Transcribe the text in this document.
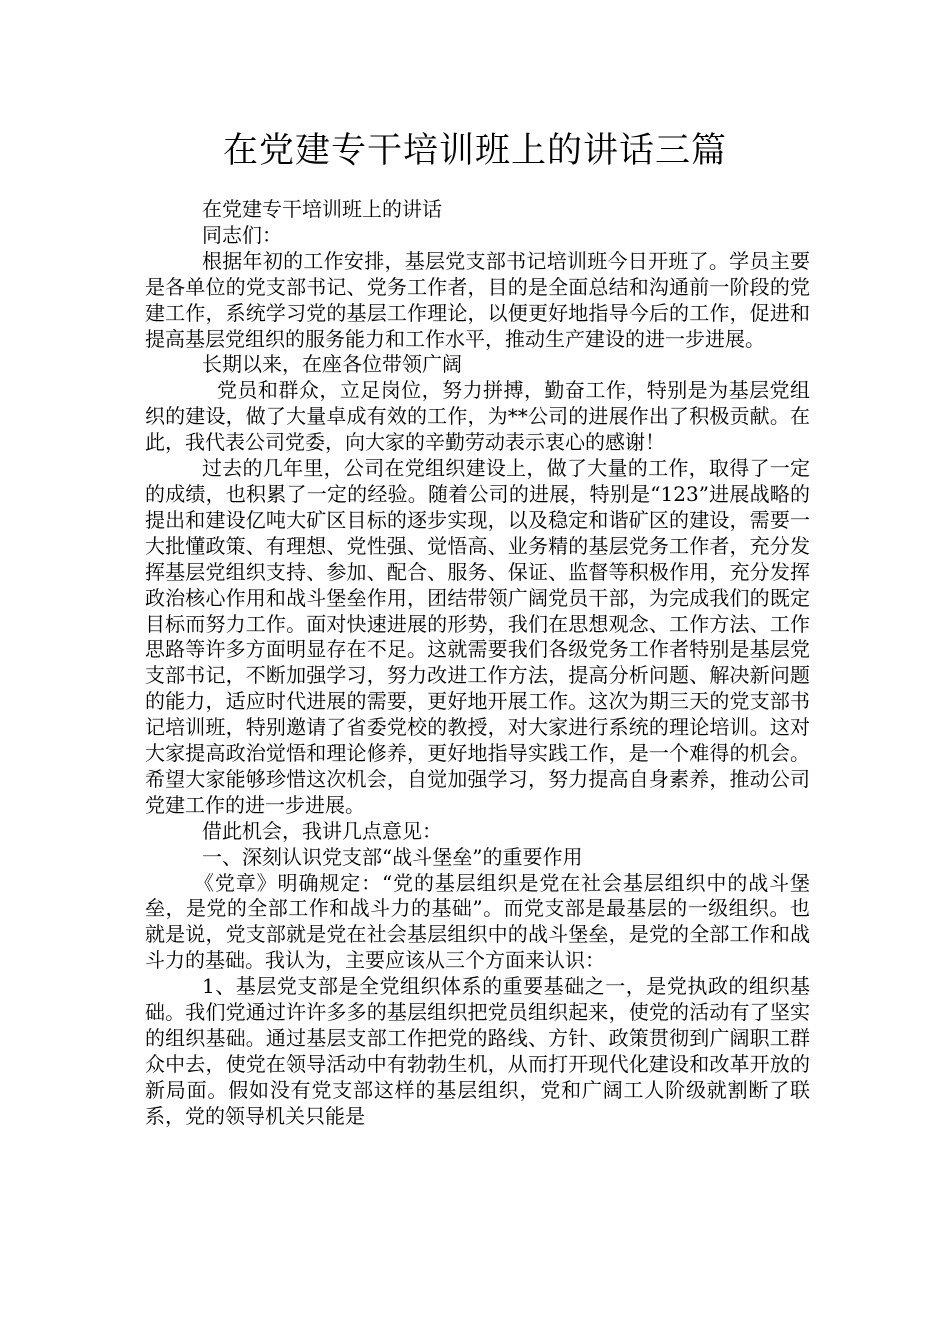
在党建专干培训班上的讲话三篇

在党建专干培训班上的讲话

同志们：

根据年初的工作安排，基层党支部书记培训班今日开班了。学员主要是各单位的党支部书记、党务工作者，目的是全面总结和沟通前一阶段的党建工作，系统学习党的基层工作理论，以便更好地指导今后的工作，促进和提高基层党组织的服务能力和工作水平，推动生产建设的进一步进展。

长期以来，在座各位带领广阔

党员和群众，立足岗位，努力拼搏，勤奋工作，特别是为基层党组织的建设，做了大量卓成有效的工作，为**公司的进展作出了积极贡献。在此，我代表公司党委，向大家的辛勤劳动表示衷心的感谢！

过去的几年里，公司在党组织建设上，做了大量的工作，取得了一定的成绩，也积累了一定的经验。随着公司的进展，特别是“123”进展战略的提出和建设亿吨大矿区目标的逐步实现，以及稳定和谐矿区的建设，需要一大批懂政策、有理想、党性强、觉悟高、业务精的基层党务工作者，充分发挥基层党组织支持、参加、配合、服务、保证、监督等积极作用，充分发挥政治核心作用和战斗堡垒作用，团结带领广阔党员干部，为完成我们的既定目标而努力工作。面对快速进展的形势，我们在思想观念、工作方法、工作思路等许多方面明显存在不足。这就需要我们各级党务工作者特别是基层党支部书记，不断加强学习，努力改进工作方法，提高分析问题、解决新问题的能力，适应时代进展的需要，更好地开展工作。这次为期三天的党支部书记培训班，特别邀请了省委党校的教授，对大家进行系统的理论培训。这对大家提高政治觉悟和理论修养，更好地指导实践工作，是一个难得的机会。希望大家能够珍惜这次机会，自觉加强学习，努力提高自身素养，推动公司党建工作的进一步进展。

借此机会，我讲几点意见：

一、深刻认识党支部“战斗堡垒”的重要作用

《党章》明确规定：“党的基层组织是党在社会基层组织中的战斗堡垒，是党的全部工作和战斗力的基础”。而党支部是最基层的一级组织。也就是说，党支部就是党在社会基层组织中的战斗堡垒，是党的全部工作和战斗力的基础。我认为，主要应该从三个方面来认识：

1、基层党支部是全党组织体系的重要基础之一，是党执政的组织基础。我们党通过许许多多的基层组织把党员组织起来，使党的活动有了坚实的组织基础。通过基层支部工作把党的路线、方针、政策贯彻到广阔职工群众中去，使党在领导活动中有勃勃生机，从而打开现代化建设和改革开放的新局面。假如没有党支部这样的基层组织，党和广阔工人阶级就割断了联系，党的领导机关只能是
